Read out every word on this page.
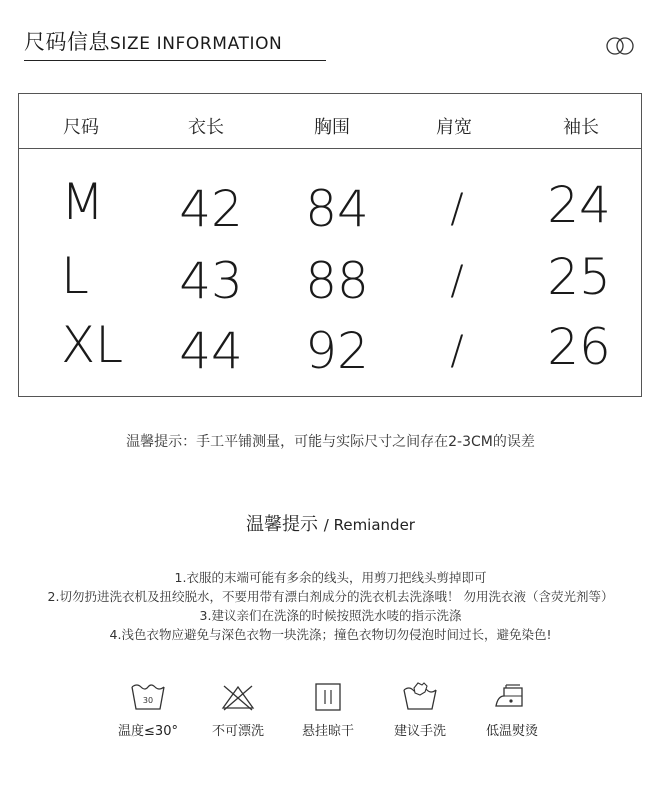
尺码信息SIZE INFORMATION
尺码	衣长	胸围	肩宽	袖长
M	42	84	/	24
L	43	88	/	25
XL	44	92	/	26
温馨提示：手工平铺测量，可能与实际尺寸之间存在2-3CM的误差
温馨提示 / Remiander
1.衣服的末端可能有多余的线头，用剪刀把线头剪掉即可
2.切勿扔进洗衣机及扭绞脱水，不要用带有漂白剂成分的洗衣机去洗涤哦！ 勿用洗衣液（含荧光剂等）
3.建议亲们在洗涤的时候按照洗水唛的指示洗涤
4.浅色衣物应避免与深色衣物一块洗涤；撞色衣物切勿侵泡时间过长，避免染色!
30
温度≤30°	不可漂洗	悬挂晾干	建议手洗	低温熨烫
